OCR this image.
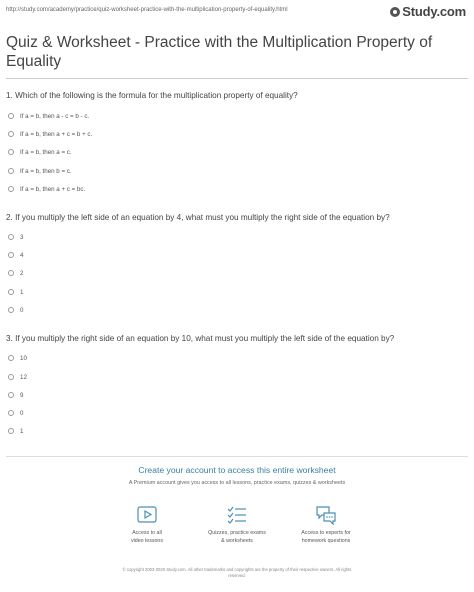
http://study.com/academy/practice/quiz-worksheet-practice-with-the-multiplication-property-of-equality.html	Study.com
Quiz & Worksheet - Practice with the Multiplication Property of Equality
1. Which of the following is the formula for the multiplication property of equality?
If a = b, then a - c = b - c.
If a = b, then a + c = b + c.
If a = b, then a = c.
If a = b, then b = c.
If a = b, then a + c = bc.
2. If you multiply the left side of an equation by 4, what must you multiply the right side of the equation by?
3
4
2
1
0
3. If you multiply the right side of an equation by 10, what must you multiply the left side of the equation by?
10
12
9
0
1
Create your account to access this entire worksheet
A Premium account gives you access to all lessons, practice exams, quizzes & worksheets
Access to all
video lessons
Quizzes, practice exams
& worksheets
Access to experts for
homework questions
© copyright 2003-2020 Study.com. All other trademarks and copyrights are the property of their respective owners. All rights
reserved.
